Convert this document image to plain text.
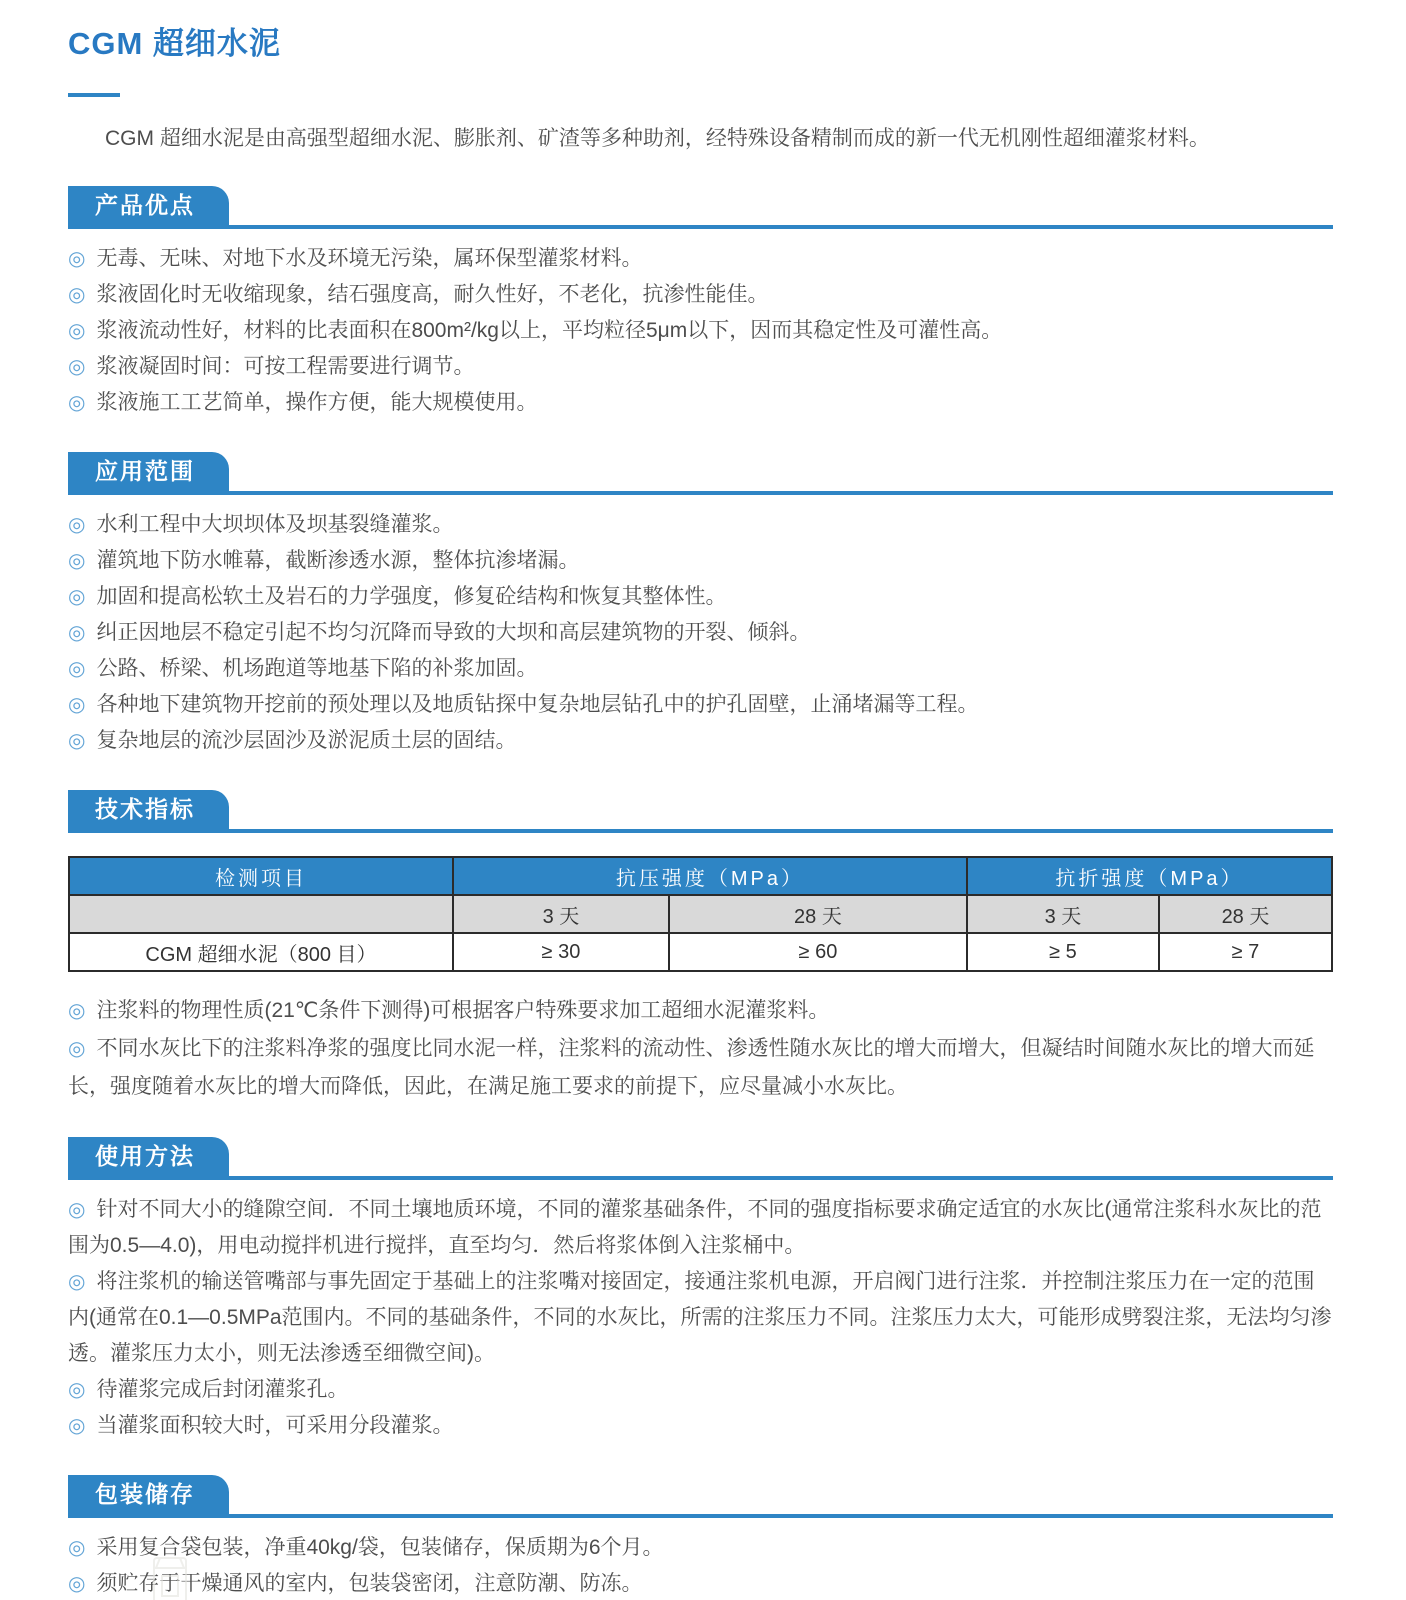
CGM 超细水泥

CGM 超细水泥是由高强型超细水泥、膨胀剂、矿渣等多种助剂，经特殊设备精制而成的新一代无机刚性超细灌浆材料。

产品优点
◎ 无毒、无味、对地下水及环境无污染，属环保型灌浆材料。
◎ 浆液固化时无收缩现象，结石强度高，耐久性好，不老化，抗渗性能佳。
◎ 浆液流动性好，材料的比表面积在800m²/kg以上，平均粒径5μm以下，因而其稳定性及可灌性高。
◎ 浆液凝固时间：可按工程需要进行调节。
◎ 浆液施工工艺简单，操作方便，能大规模使用。
应用范围
◎ 水利工程中大坝坝体及坝基裂缝灌浆。
◎ 灌筑地下防水帷幕，截断渗透水源，整体抗渗堵漏。
◎ 加固和提高松软土及岩石的力学强度，修复砼结构和恢复其整体性。
◎ 纠正因地层不稳定引起不均匀沉降而导致的大坝和高层建筑物的开裂、倾斜。
◎ 公路、桥梁、机场跑道等地基下陷的补浆加固。
◎ 各种地下建筑物开挖前的预处理以及地质钻探中复杂地层钻孔中的护孔固壁，止涌堵漏等工程。
◎ 复杂地层的流沙层固沙及淤泥质土层的固结。
技术指标
检测项目	抗压强度（MPa）		抗折强度（MPa）	
	3 天	28 天	3 天	28 天
CGM 超细水泥（800 目）	≥ 30	≥ 60	≥ 5	≥ 7
◎ 注浆料的物理性质(21℃条件下测得)可根据客户特殊要求加工超细水泥灌浆料。
◎ 不同水灰比下的注浆料净浆的强度比同水泥一样，注浆料的流动性、渗透性随水灰比的增大而增大，但凝结时间随水灰比的增大而延长，强度随着水灰比的增大而降低，因此，在满足施工要求的前提下，应尽量减小水灰比。
使用方法
◎ 针对不同大小的缝隙空间．不同土壤地质环境，不同的灌浆基础条件，不同的强度指标要求确定适宜的水灰比(通常注浆科水灰比的范围为0.5—4.0)，用电动搅拌机进行搅拌，直至均匀．然后将浆体倒入注浆桶中。
◎ 将注浆机的输送管嘴部与事先固定于基础上的注浆嘴对接固定，接通注浆机电源，开启阀门进行注浆．并控制注浆压力在一定的范围内(通常在0.1—0.5MPa范围内。不同的基础条件，不同的水灰比，所需的注浆压力不同。注浆压力太大，可能形成劈裂注浆，无法均匀渗透。灌浆压力太小，则无法渗透至细微空间)。
◎ 待灌浆完成后封闭灌浆孔。
◎ 当灌浆面积较大时，可采用分段灌浆。
包装储存
◎ 采用复合袋包装，净重40kg/袋，包装储存，保质期为6个月。
◎ 须贮存于干燥通风的室内，包装袋密闭，注意防潮、防冻。
